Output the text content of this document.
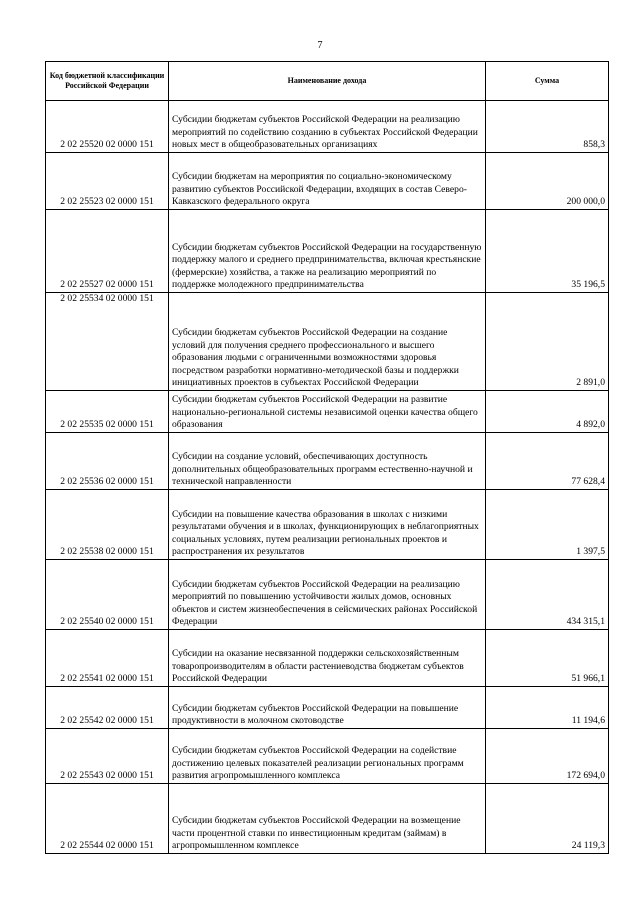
7
Код бюджетной классификации Российской Федерации	Наименование дохода	Сумма
2 02 25520 02 0000 151	Субсидии бюджетам субъектов Российской Федерации на реализацию мероприятий по содействию созданию в субъектах Российской Федерации новых мест в общеобразовательных организациях	858,3
2 02 25523 02 0000 151	Субсидии бюджетам на мероприятия по социально-экономическому развитию субъектов Российской Федерации, входящих в состав Северо-Кавказского федерального округа	200 000,0
2 02 25527 02 0000 151	Субсидии бюджетам субъектов Российской Федерации на государственную поддержку малого и среднего предпринимательства, включая крестьянские (фермерские) хозяйства, а также на реализацию мероприятий по поддержке молодежного предпринимательства	35 196,5
2 02 25534 02 0000 151	Субсидии бюджетам субъектов Российской Федерации на создание условий для получения среднего профессионального и высшего образования людьми с ограниченными возможностями здоровья посредством разработки нормативно-методической базы и поддержки инициативных проектов в субъектах Российской Федерации	2 891,0
2 02 25535 02 0000 151	Субсидии бюджетам субъектов Российской Федерации на развитие национально-региональной системы независимой оценки качества общего образования	4 892,0
2 02 25536 02 0000 151	Субсидии на создание условий, обеспечивающих доступность дополнительных общеобразовательных программ естественно-научной и технической направленности	77 628,4
2 02 25538 02 0000 151	Субсидии на повышение качества образования в школах с низкими результатами обучения и в школах, функционирующих в неблагоприятных социальных условиях, путем реализации региональных проектов и распространения их результатов	1 397,5
2 02 25540 02 0000 151	Субсидии бюджетам субъектов Российской Федерации на реализацию мероприятий по повышению устойчивости жилых домов, основных объектов и систем жизнеобеспечения в сейсмических районах Российской Федерации	434 315,1
2 02 25541 02 0000 151	Субсидии на оказание несвязанной поддержки сельскохозяйственным товаропроизводителям в области растениеводства бюджетам субъектов Российской Федерации	51 966,1
2 02 25542 02 0000 151	Субсидии бюджетам субъектов Российской Федерации на повышение продуктивности в молочном скотоводстве	11 194,6
2 02 25543 02 0000 151	Субсидии бюджетам субъектов Российской Федерации на содействие достижению целевых показателей реализации региональных программ развития агропромышленного комплекса	172 694,0
2 02 25544 02 0000 151	Субсидии бюджетам субъектов Российской Федерации на возмещение части процентной ставки по инвестиционным кредитам (займам) в агропромышленном комплексе	24 119,3
